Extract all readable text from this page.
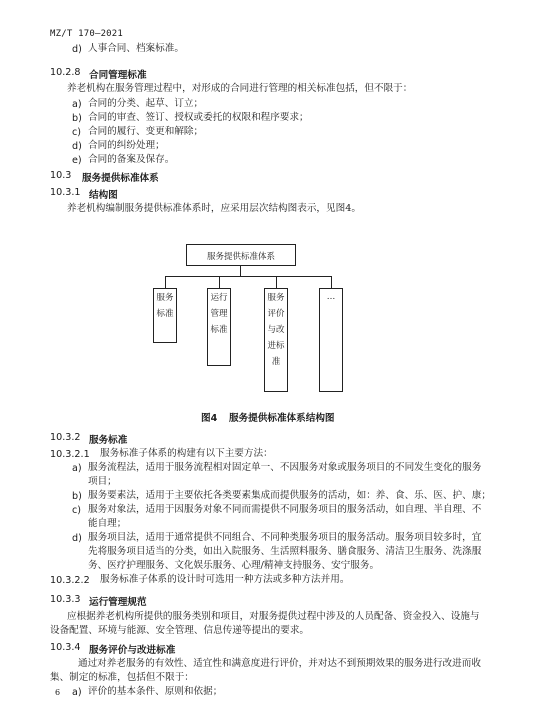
MZ/T 170—2021
d) 人事合同、档案标准。
10.2.8 合同管理标准
养老机构在服务管理过程中，对形成的合同进行管理的相关标准包括，但不限于：
a) 合同的分类、起草、订立；
b) 合同的审查、签订、授权或委托的权限和程序要求；
c) 合同的履行、变更和解除；
d) 合同的纠纷处理；
e) 合同的备案及保存。
10.3 服务提供标准体系
10.3.1 结构图
养老机构编制服务提供标准体系时，应采用层次结构图表示，见图4。
服务提供标准体系
服务标准
运行管理标准
服务评价与改进标准
…
图4 服务提供标准体系结构图
10.3.2 服务标准
10.3.2.1 服务标准子体系的构建有以下主要方法：
a) 服务流程法，适用于服务流程相对固定单一、不因服务对象或服务项目的不同发生变化的服务
项目；
b) 服务要素法，适用于主要依托各类要素集成而提供服务的活动，如：养、食、乐、医、护、康；
c) 服务对象法，适用于因服务对象不同而需提供不同服务项目的服务活动，如自理、半自理、不
能自理；
d) 服务项目法，适用于通常提供不同组合、不同种类服务项目的服务活动。服务项目较多时，宜
先将服务项目适当的分类，如出入院服务、生活照料服务、膳食服务、清洁卫生服务、洗涤服
务、医疗护理服务、文化娱乐服务、心理/精神支持服务、安宁服务。
10.3.2.2 服务标准子体系的设计时可选用一种方法或多种方法并用。
10.3.3 运行管理规范
应根据养老机构所提供的服务类别和项目，对服务提供过程中涉及的人员配备、资金投入、设施与
设备配置、环境与能源、安全管理、信息传递等提出的要求。
10.3.4 服务评价与改进标准
通过对养老服务的有效性、适宜性和满意度进行评价，并对达不到预期效果的服务进行改进而收
集、制定的标准，包括但不限于：
a) 评价的基本条件、原则和依据；
6
